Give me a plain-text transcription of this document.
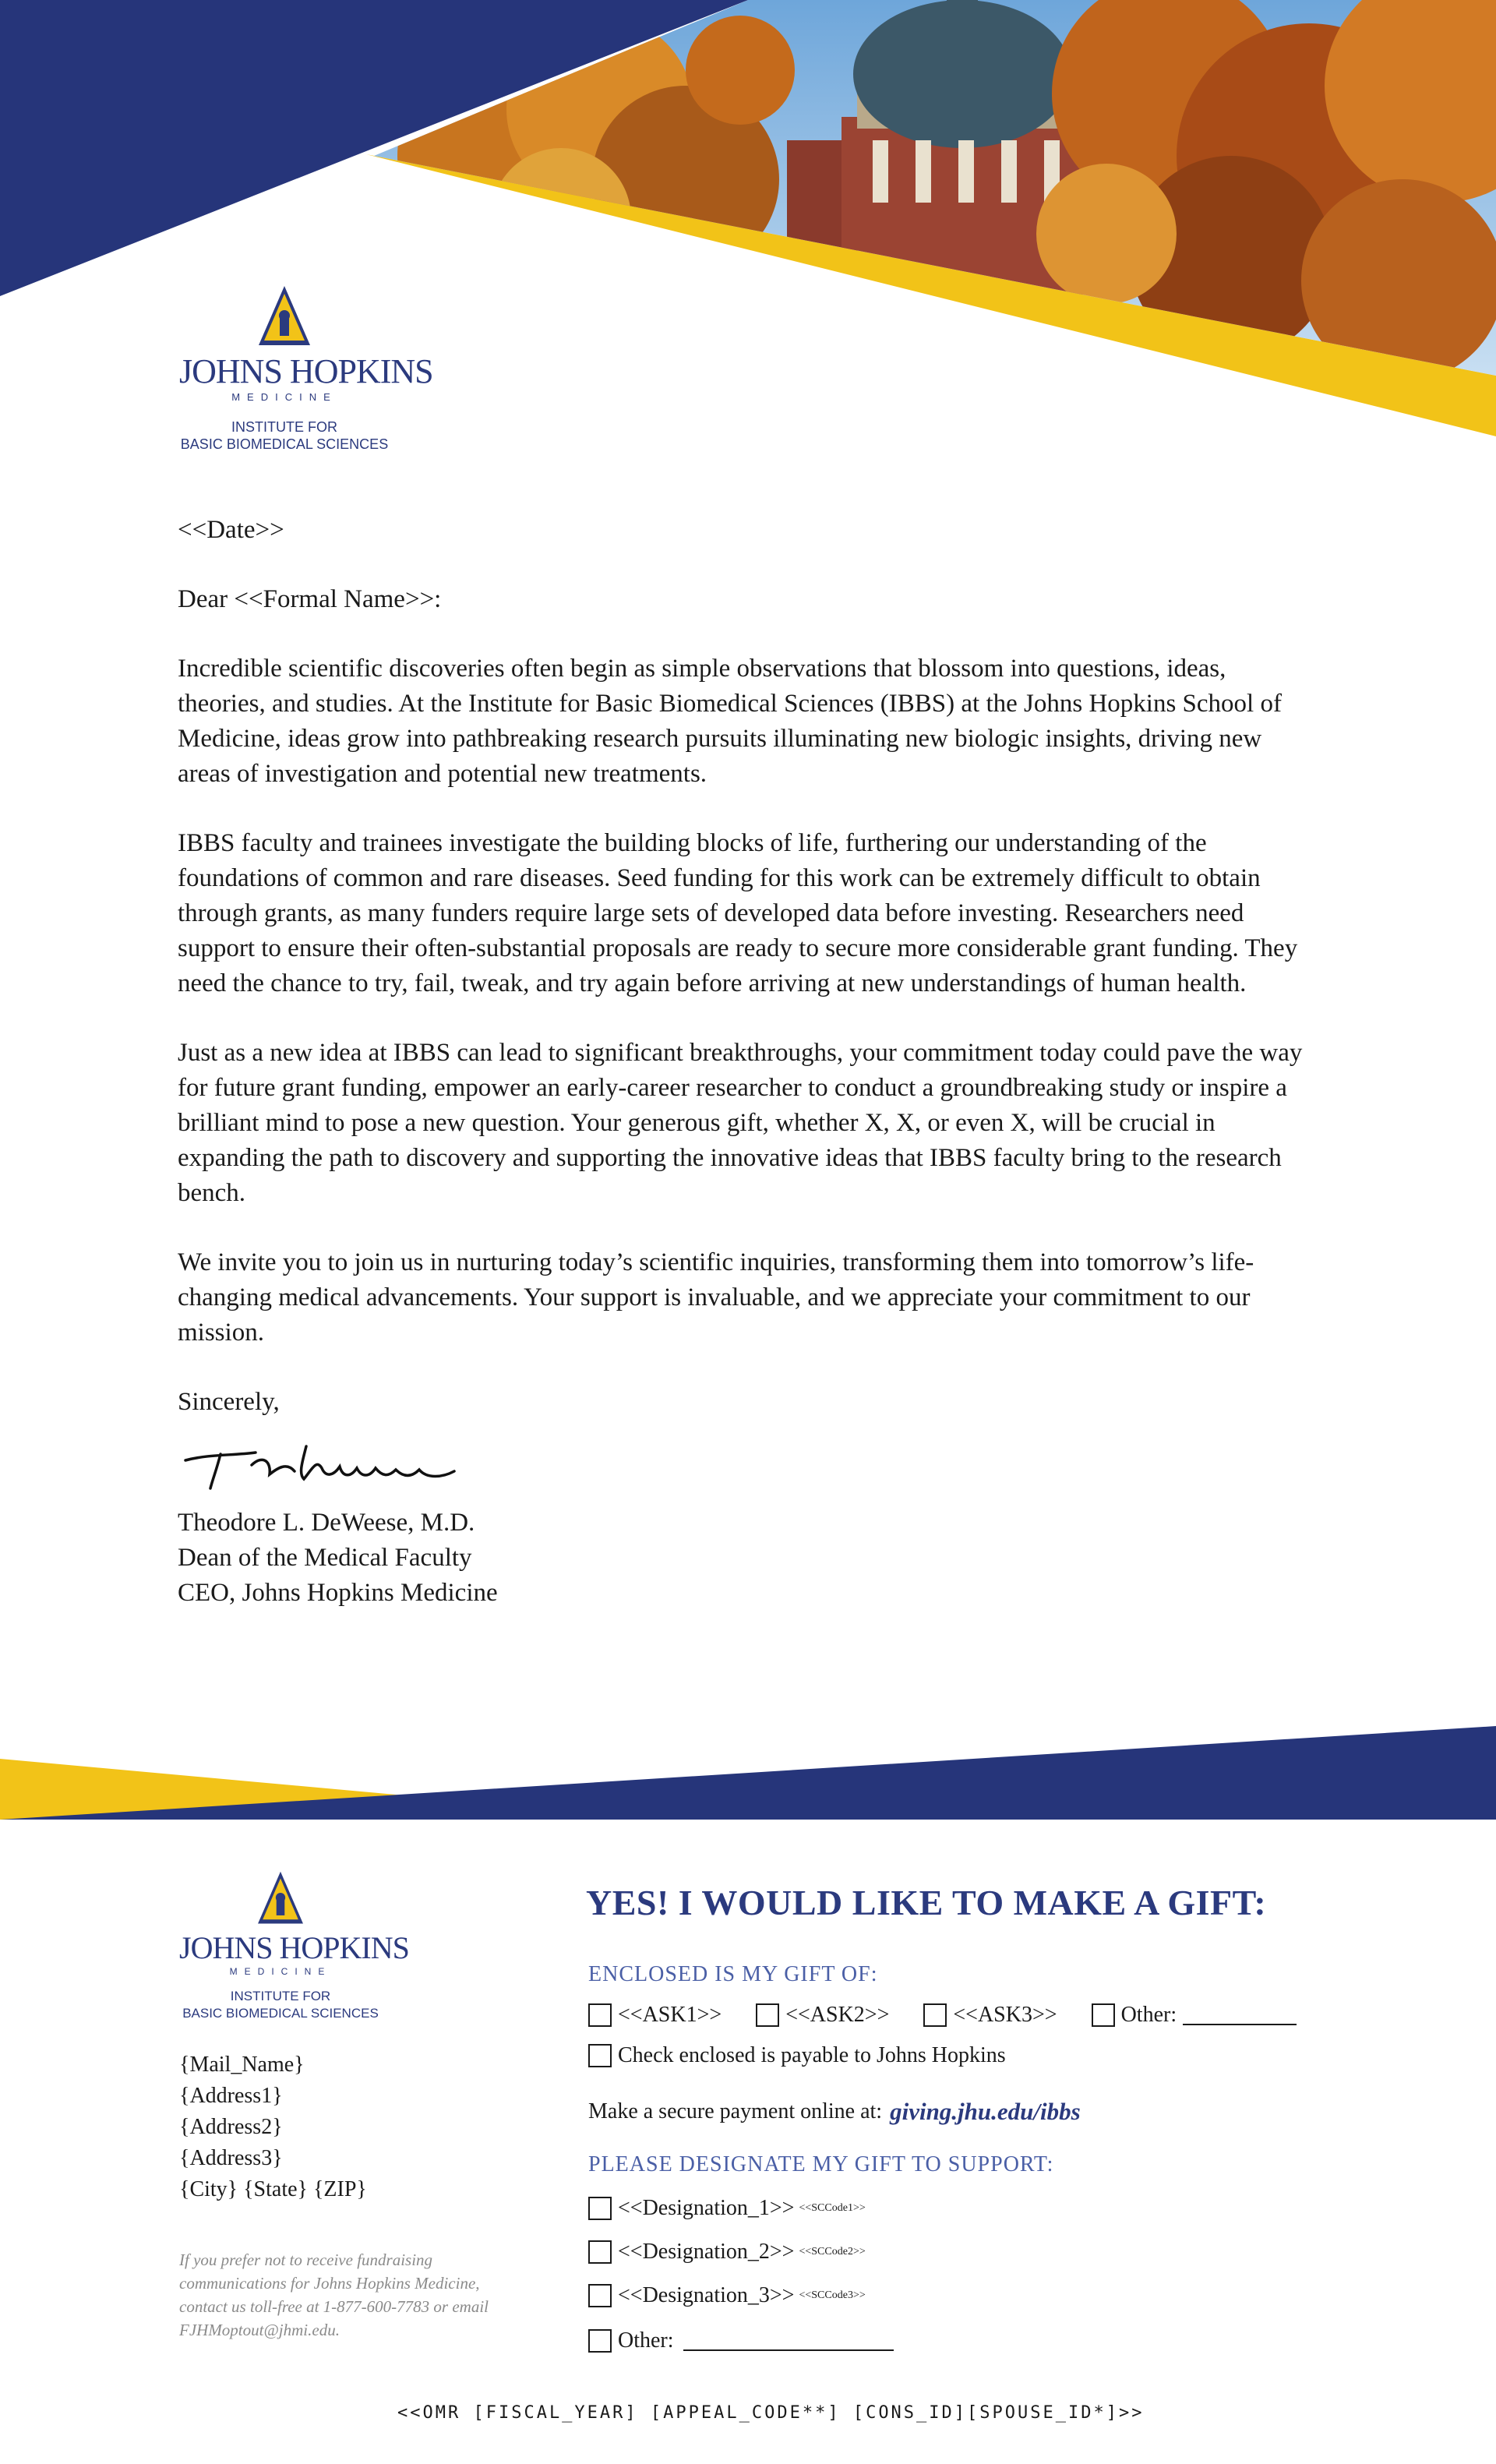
JOHNS HOPKINS
MEDICINE
INSTITUTE FOR
BASIC BIOMEDICAL SCIENCES

<<Date>>

Dear <<Formal Name>>:

Incredible scientific discoveries often begin as simple observations that blossom into questions, ideas, theories, and studies. At the Institute for Basic Biomedical Sciences (IBBS) at the Johns Hopkins School of Medicine, ideas grow into pathbreaking research pursuits illuminating new biologic insights, driving new areas of investigation and potential new treatments.

IBBS faculty and trainees investigate the building blocks of life, furthering our understanding of the foundations of common and rare diseases. Seed funding for this work can be extremely difficult to obtain through grants, as many funders require large sets of developed data before investing. Researchers need support to ensure their often-substantial proposals are ready to secure more considerable grant funding. They need the chance to try, fail, tweak, and try again before arriving at new understandings of human health.

Just as a new idea at IBBS can lead to significant breakthroughs, your commitment today could pave the way for future grant funding, empower an early-career researcher to conduct a groundbreaking study or inspire a brilliant mind to pose a new question. Your generous gift, whether X, X, or even X, will be crucial in expanding the path to discovery and supporting the innovative ideas that IBBS faculty bring to the research bench.

We invite you to join us in nurturing today’s scientific inquiries, transforming them into tomorrow’s life-changing medical advancements. Your support is invaluable, and we appreciate your commitment to our mission.

Sincerely,

Theodore L. DeWeese, M.D.
Dean of the Medical Faculty
CEO, Johns Hopkins Medicine
JOHNS HOPKINS
MEDICINE
INSTITUTE FOR
BASIC BIOMEDICAL SCIENCES
{Mail_Name}
{Address1}
{Address2}
{Address3}
{City} {State} {ZIP}
If you prefer not to receive fundraising communications for Johns Hopkins Medicine, contact us toll-free at 1-877-600-7783 or email FJHMoptout@jhmi.edu.
YES! I WOULD LIKE TO MAKE A GIFT:
ENCLOSED IS MY GIFT OF:
<<ASK1>>	<<ASK2>>	<<ASK3>>	Other:
Check enclosed is payable to Johns Hopkins
Make a secure payment online at: giving.jhu.edu/ibbs
PLEASE DESIGNATE MY GIFT TO SUPPORT:
<<Designation_1>> <<SCCode1>>
<<Designation_2>> <<SCCode2>>
<<Designation_3>> <<SCCode3>>
Other:
<<OMR [FISCAL_YEAR] [APPEAL_CODE**] [CONS_ID][SPOUSE_ID*]>>
